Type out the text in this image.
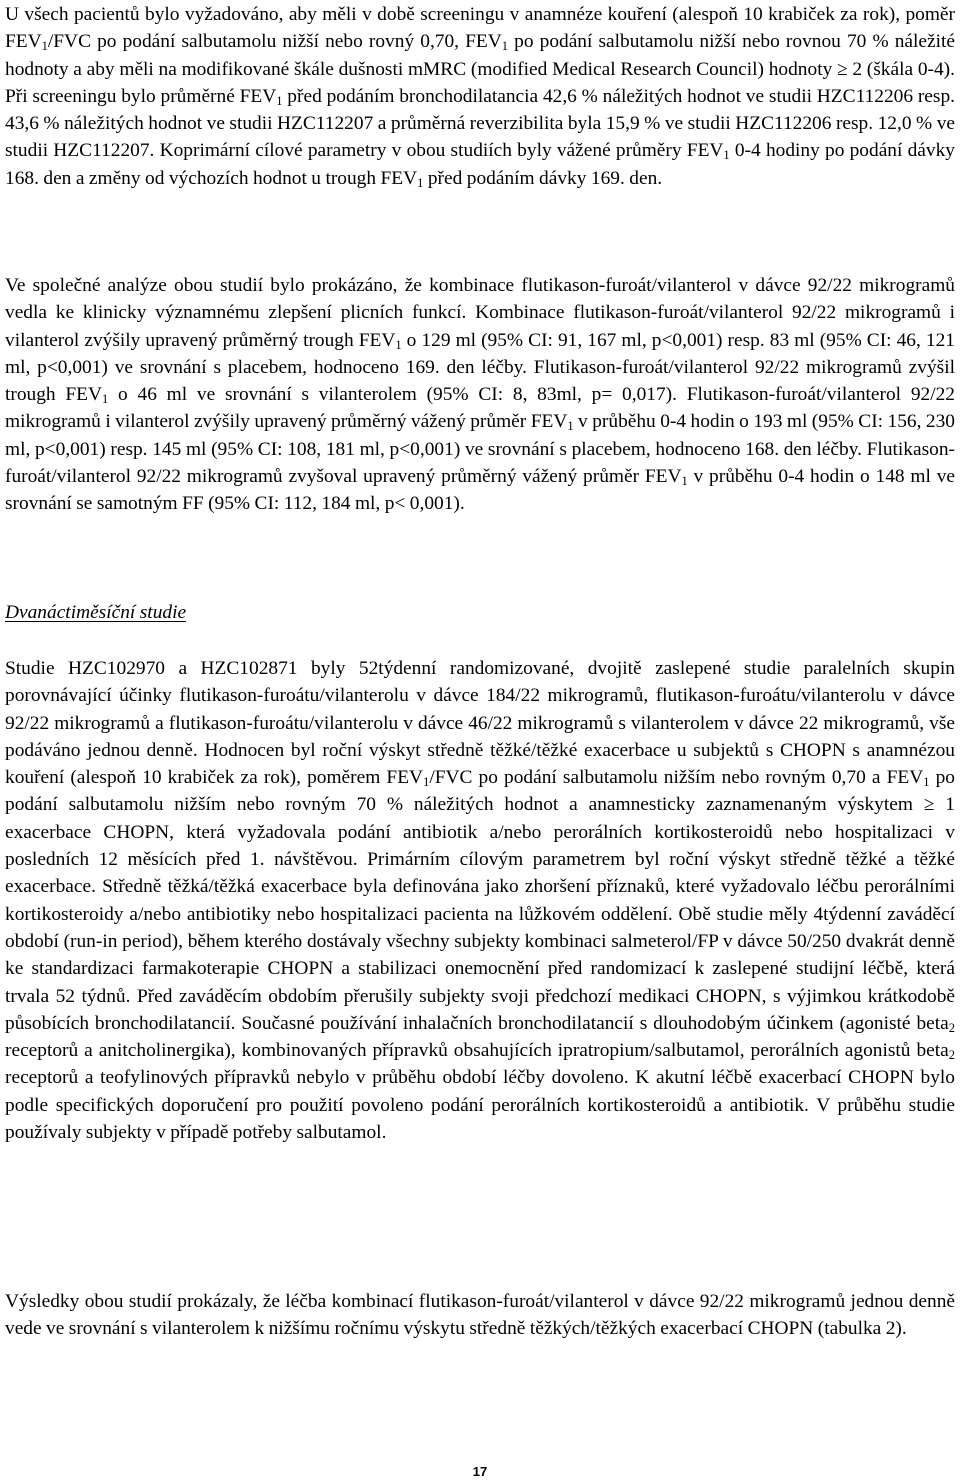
U všech pacientů bylo vyžadováno, aby měli v době screeningu v anamnéze kouření (alespoň 10 krabiček za rok), poměr $FEV_1$/FVC po podání salbutamolu nižší nebo rovný 0,70, $FEV_1$ po podání salbutamolu nižší nebo rovnou 70 % náležité hodnoty a aby měli na modifikované škále dušnosti mMRC (modified Medical Research Council) hodnoty ≥ 2 (škála 0-4). Při screeningu bylo průměrné $FEV_1$ před podáním bronchodilatancia 42,6 % náležitých hodnot ve studii HZC112206 resp. 43,6 % náležitých hodnot ve studii HZC112207 a průměrná reverzibilita byla 15,9 % ve studii HZC112206 resp. 12,0 % ve studii HZC112207. Koprimární cílové parametry v obou studiích byly vážené průměry $FEV_1$ 0-4 hodiny po podání dávky 168. den a změny od výchozích hodnot u trough $FEV_1$ před podáním dávky 169. den.

Ve společné analýze obou studií bylo prokázáno, že kombinace flutikason-furoát/vilanterol v dávce 92/22 mikrogramů vedla ke klinicky významnému zlepšení plicních funkcí. Kombinace flutikason-furoát/vilanterol 92/22 mikrogramů i vilanterol zvýšily upravený průměrný trough $FEV_1$ o 129 ml (95% CI: 91, 167 ml, p<0,001) resp. 83 ml (95% CI: 46, 121 ml, p<0,001) ve srovnání s placebem, hodnoceno 169. den léčby. Flutikason-furoát/vilanterol 92/22 mikrogramů zvýšil trough $FEV_1$ o 46 ml ve srovnání s vilanterolem (95% CI: 8, 83ml, p= 0,017). Flutikason-furoát/vilanterol 92/22 mikrogramů i vilanterol zvýšily upravený průměrný vážený průměr $FEV_1$ v průběhu 0-4 hodin o 193 ml (95% CI: 156, 230 ml, p<0,001) resp. 145 ml (95% CI: 108, 181 ml, p<0,001) ve srovnání s placebem, hodnoceno 168. den léčby. Flutikason-furoát/vilanterol 92/22 mikrogramů zvyšoval upravený průměrný vážený průměr $FEV_1$ v průběhu 0-4 hodin o 148 ml ve srovnání se samotným FF (95% CI: 112, 184 ml, p< 0,001).

Dvanáctiměsíční studie

Studie HZC102970 a HZC102871 byly 52týdenní randomizované, dvojitě zaslepené studie paralelních skupin porovnávající účinky flutikason-furoátu/vilanterolu v dávce 184/22 mikrogramů, flutikason-furoátu/vilanterolu v dávce 92/22 mikrogramů a flutikason-furoátu/vilanterolu v dávce 46/22 mikrogramů s vilanterolem v dávce 22 mikrogramů, vše podáváno jednou denně. Hodnocen byl roční výskyt středně těžké/těžké exacerbace u subjektů s CHOPN s anamnézou kouření (alespoň 10 krabiček za rok), poměrem $FEV_1$/FVC po podání salbutamolu nižším nebo rovným 0,70 a $FEV_1$ po podání salbutamolu nižším nebo rovným 70 % náležitých hodnot a anamnesticky zaznamenaným výskytem ≥ 1 exacerbace CHOPN, která vyžadovala podání antibiotik a/nebo perorálních kortikosteroidů nebo hospitalizaci v posledních 12 měsících před 1. návštěvou. Primárním cílovým parametrem byl roční výskyt středně těžké a těžké exacerbace. Středně těžká/těžká exacerbace byla definována jako zhoršení příznaků, které vyžadovalo léčbu perorálními kortikosteroidy a/nebo antibiotiky nebo hospitalizaci pacienta na lůžkovém oddělení. Obě studie měly 4týdenní zaváděcí období (run-in period), během kterého dostávaly všechny subjekty kombinaci salmeterol/FP v dávce 50/250 dvakrát denně ke standardizaci farmakoterapie CHOPN a stabilizaci onemocnění před randomizací k zaslepené studijní léčbě, která trvala 52 týdnů. Před zaváděcím obdobím přerušily subjekty svoji předchozí medikaci CHOPN, s výjimkou krátkodobě působících bronchodilatancií. Současné používání inhalačních bronchodilatancií s dlouhodobým účinkem (agonisté beta$_2$ receptorů a anitcholinergika), kombinovaných přípravků obsahujících ipratropium/salbutamol, perorálních agonistů beta$_2$ receptorů a teofylinových přípravků nebylo v průběhu období léčby dovoleno. K akutní léčbě exacerbací CHOPN bylo podle specifických doporučení pro použití povoleno podání perorálních kortikosteroidů a antibiotik. V průběhu studie používaly subjekty v případě potřeby salbutamol.

Výsledky obou studií prokázaly, že léčba kombinací flutikason-furoát/vilanterol v dávce 92/22 mikrogramů jednou denně vede ve srovnání s vilanterolem k nižšímu ročnímu výskytu středně těžkých/těžkých exacerbací CHOPN (tabulka 2).

17
